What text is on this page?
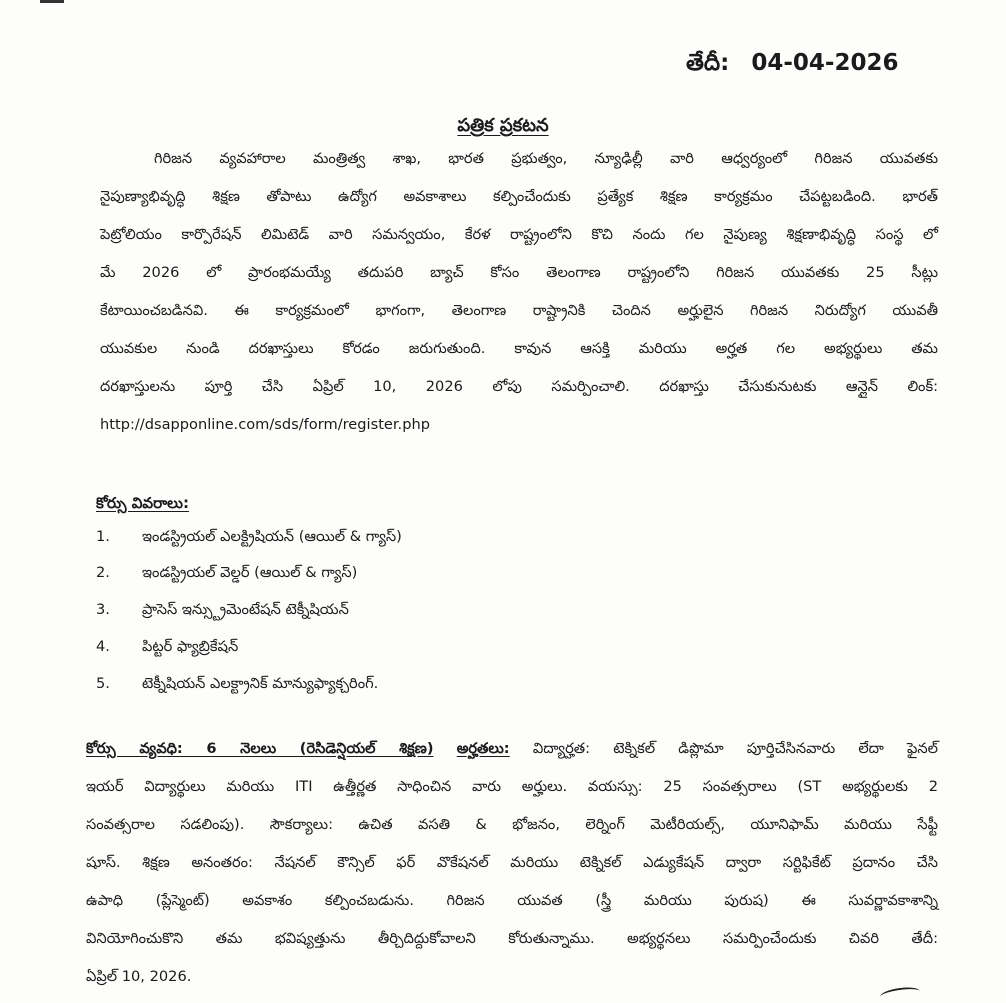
తేదీ: 04-04-2026
పత్రిక ప్రకటన
గిరిజన వ్యవహారాల మంత్రిత్వ శాఖ, భారత ప్రభుత్వం, న్యూఢిల్లీ వారి ఆధ్వర్యంలో గిరిజన యువతకు
నైపుణ్యాభివృద్ధి శిక్షణ తోపాటు ఉద్యోగ అవకాశాలు కల్పించేందుకు ప్రత్యేక శిక్షణ కార్యక్రమం చేపట్టబడింది. భారత్
పెట్రోలియం కార్పొరేషన్ లిమిటెడ్ వారి సమన్వయం, కేరళ రాష్ట్రంలోని కొచి నందు గల నైపుణ్య శిక్షణాభివృద్ధి సంస్థ లో
మే 2026 లో ప్రారంభమయ్యే తదుపరి బ్యాచ్ కోసం తెలంగాణ రాష్ట్రంలోని గిరిజన యువతకు 25 సీట్లు
కేటాయించబడినవి. ఈ కార్యక్రమంలో భాగంగా, తెలంగాణ రాష్ట్రానికి చెందిన అర్హులైన గిరిజన నిరుద్యోగ యువతీ
యువకుల నుండి దరఖాస్తులు కోరడం జరుగుతుంది. కావున ఆసక్తి మరియు అర్హత గల అభ్యర్థులు తమ
దరఖాస్తులను పూర్తి చేసి ఏప్రిల్ 10, 2026 లోపు సమర్పించాలి. దరఖాస్తు చేసుకునుటకు ఆన్లైన్ లింక్:
http://dsapponline.com/sds/form/register.php
కోర్సు వివరాలు:
1. ఇండస్ట్రియల్ ఎలక్ట్రిషియన్ (ఆయిల్ & గ్యాస్)
2. ఇండస్ట్రియల్ వెల్డర్ (ఆయిల్ & గ్యాస్)
3. ప్రాసెస్ ఇన్స్ట్రుమెంటేషన్ టెక్నీషియన్
4. పిట్టర్ ఫ్యాబ్రికేషన్
5. టెక్నీషియన్ ఎలక్ట్రానిక్ మాన్యుఫ్యాక్చరింగ్.
కోర్సు వ్యవధి: 6 నెలలు (రెసిడెన్షియల్ శిక్షణ) అర్హతలు: విద్యార్హత: టెక్నికల్ డిప్లొమా పూర్తిచేసినవారు లేదా ఫైనల్
ఇయర్ విద్యార్థులు మరియు ITI ఉత్తీర్ణత సాధించిన వారు అర్హులు. వయస్సు: 25 సంవత్సరాలు (ST అభ్యర్థులకు 2
సంవత్సరాల సడలింపు). సౌకర్యాలు: ఉచిత వసతి & భోజనం, లెర్నింగ్ మెటీరియల్స్, యూనిఫామ్ మరియు సేఫ్టీ
షూస్. శిక్షణ అనంతరం: నేషనల్ కౌన్సిల్ ఫర్ వొకేషనల్ మరియు టెక్నికల్ ఎడ్యుకేషన్ ద్వారా సర్టిఫికేట్ ప్రదానం చేసి
ఉపాధి (ప్లేస్మెంట్) అవకాశం కల్పించబడును. గిరిజన యువత (స్త్రీ మరియు పురుష) ఈ సువర్ణావకాశాన్ని
వినియోగించుకొని తమ భవిష్యత్తును తీర్చిదిద్దుకోవాలని కోరుతున్నాము. అభ్యర్థనలు సమర్పించేందుకు చివరి తేదీ:
ఏప్రిల్ 10, 2026.
